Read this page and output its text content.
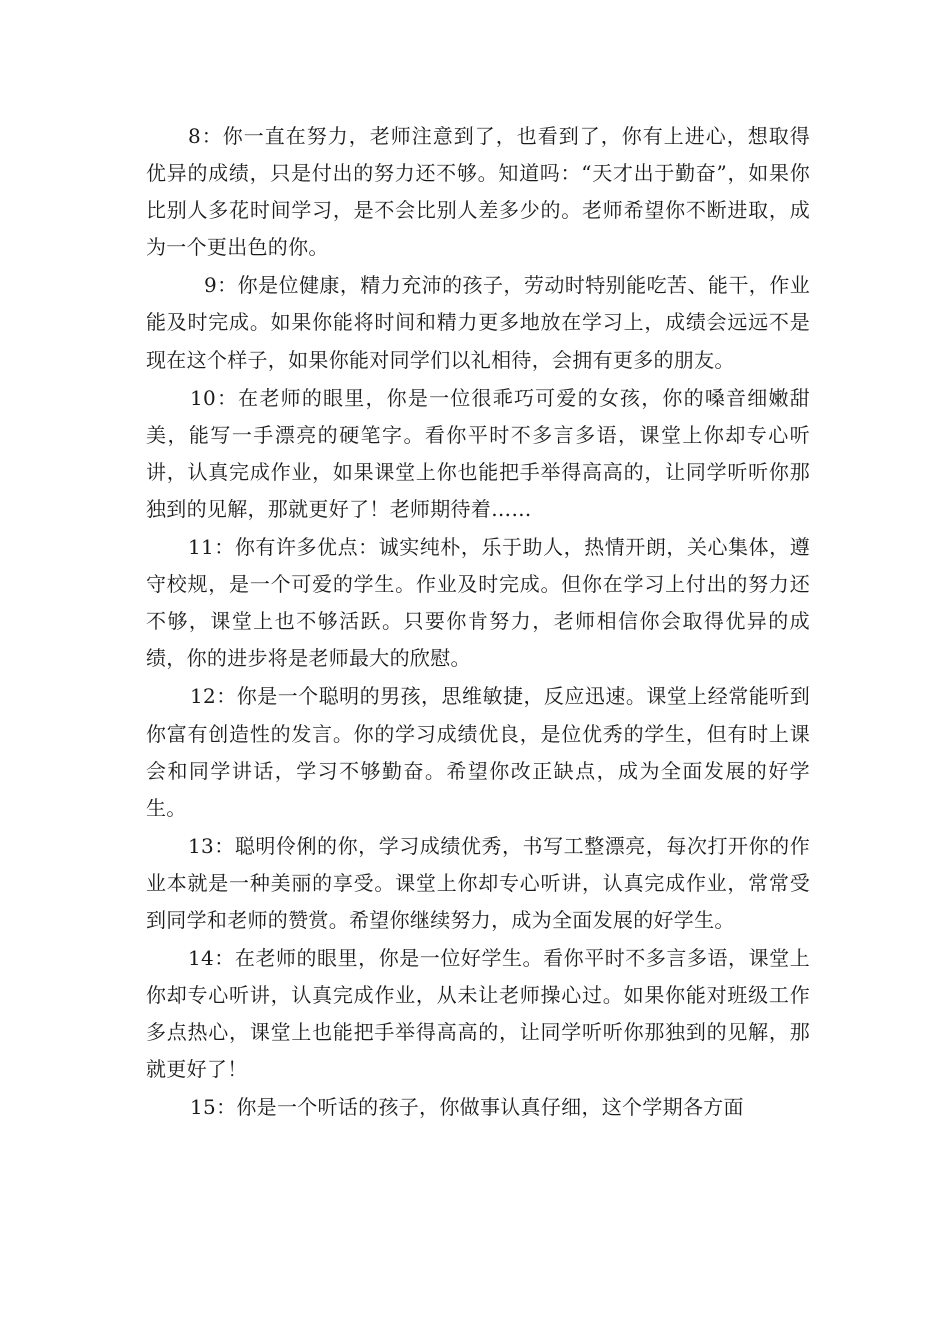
8：你一直在努力，老师注意到了，也看到了，你有上进心，想取得优异的成绩，只是付出的努力还不够。知道吗：“天才出于勤奋”，如果你比别人多花时间学习，是不会比别人差多少的。老师希望你不断进取，成为一个更出色的你。

9：你是位健康，精力充沛的孩子，劳动时特别能吃苦、能干，作业能及时完成。如果你能将时间和精力更多地放在学习上，成绩会远远不是现在这个样子，如果你能对同学们以礼相待，会拥有更多的朋友。

10：在老师的眼里，你是一位很乖巧可爱的女孩，你的嗓音细嫩甜美，能写一手漂亮的硬笔字。看你平时不多言多语，课堂上你却专心听讲，认真完成作业，如果课堂上你也能把手举得高高的，让同学听听你那独到的见解，那就更好了！老师期待着……

11：你有许多优点：诚实纯朴，乐于助人，热情开朗，关心集体，遵守校规，是一个可爱的学生。作业及时完成。但你在学习上付出的努力还不够，课堂上也不够活跃。只要你肯努力，老师相信你会取得优异的成绩，你的进步将是老师最大的欣慰。

12：你是一个聪明的男孩，思维敏捷，反应迅速。课堂上经常能听到你富有创造性的发言。你的学习成绩优良，是位优秀的学生，但有时上课会和同学讲话，学习不够勤奋。希望你改正缺点，成为全面发展的好学生。

13：聪明伶俐的你，学习成绩优秀，书写工整漂亮，每次打开你的作业本就是一种美丽的享受。课堂上你却专心听讲，认真完成作业，常常受到同学和老师的赞赏。希望你继续努力，成为全面发展的好学生。

14：在老师的眼里，你是一位好学生。看你平时不多言多语，课堂上你却专心听讲，认真完成作业，从未让老师操心过。如果你能对班级工作多点热心，课堂上也能把手举得高高的，让同学听听你那独到的见解，那就更好了！

15：你是一个听话的孩子，你做事认真仔细，这个学期各方面
